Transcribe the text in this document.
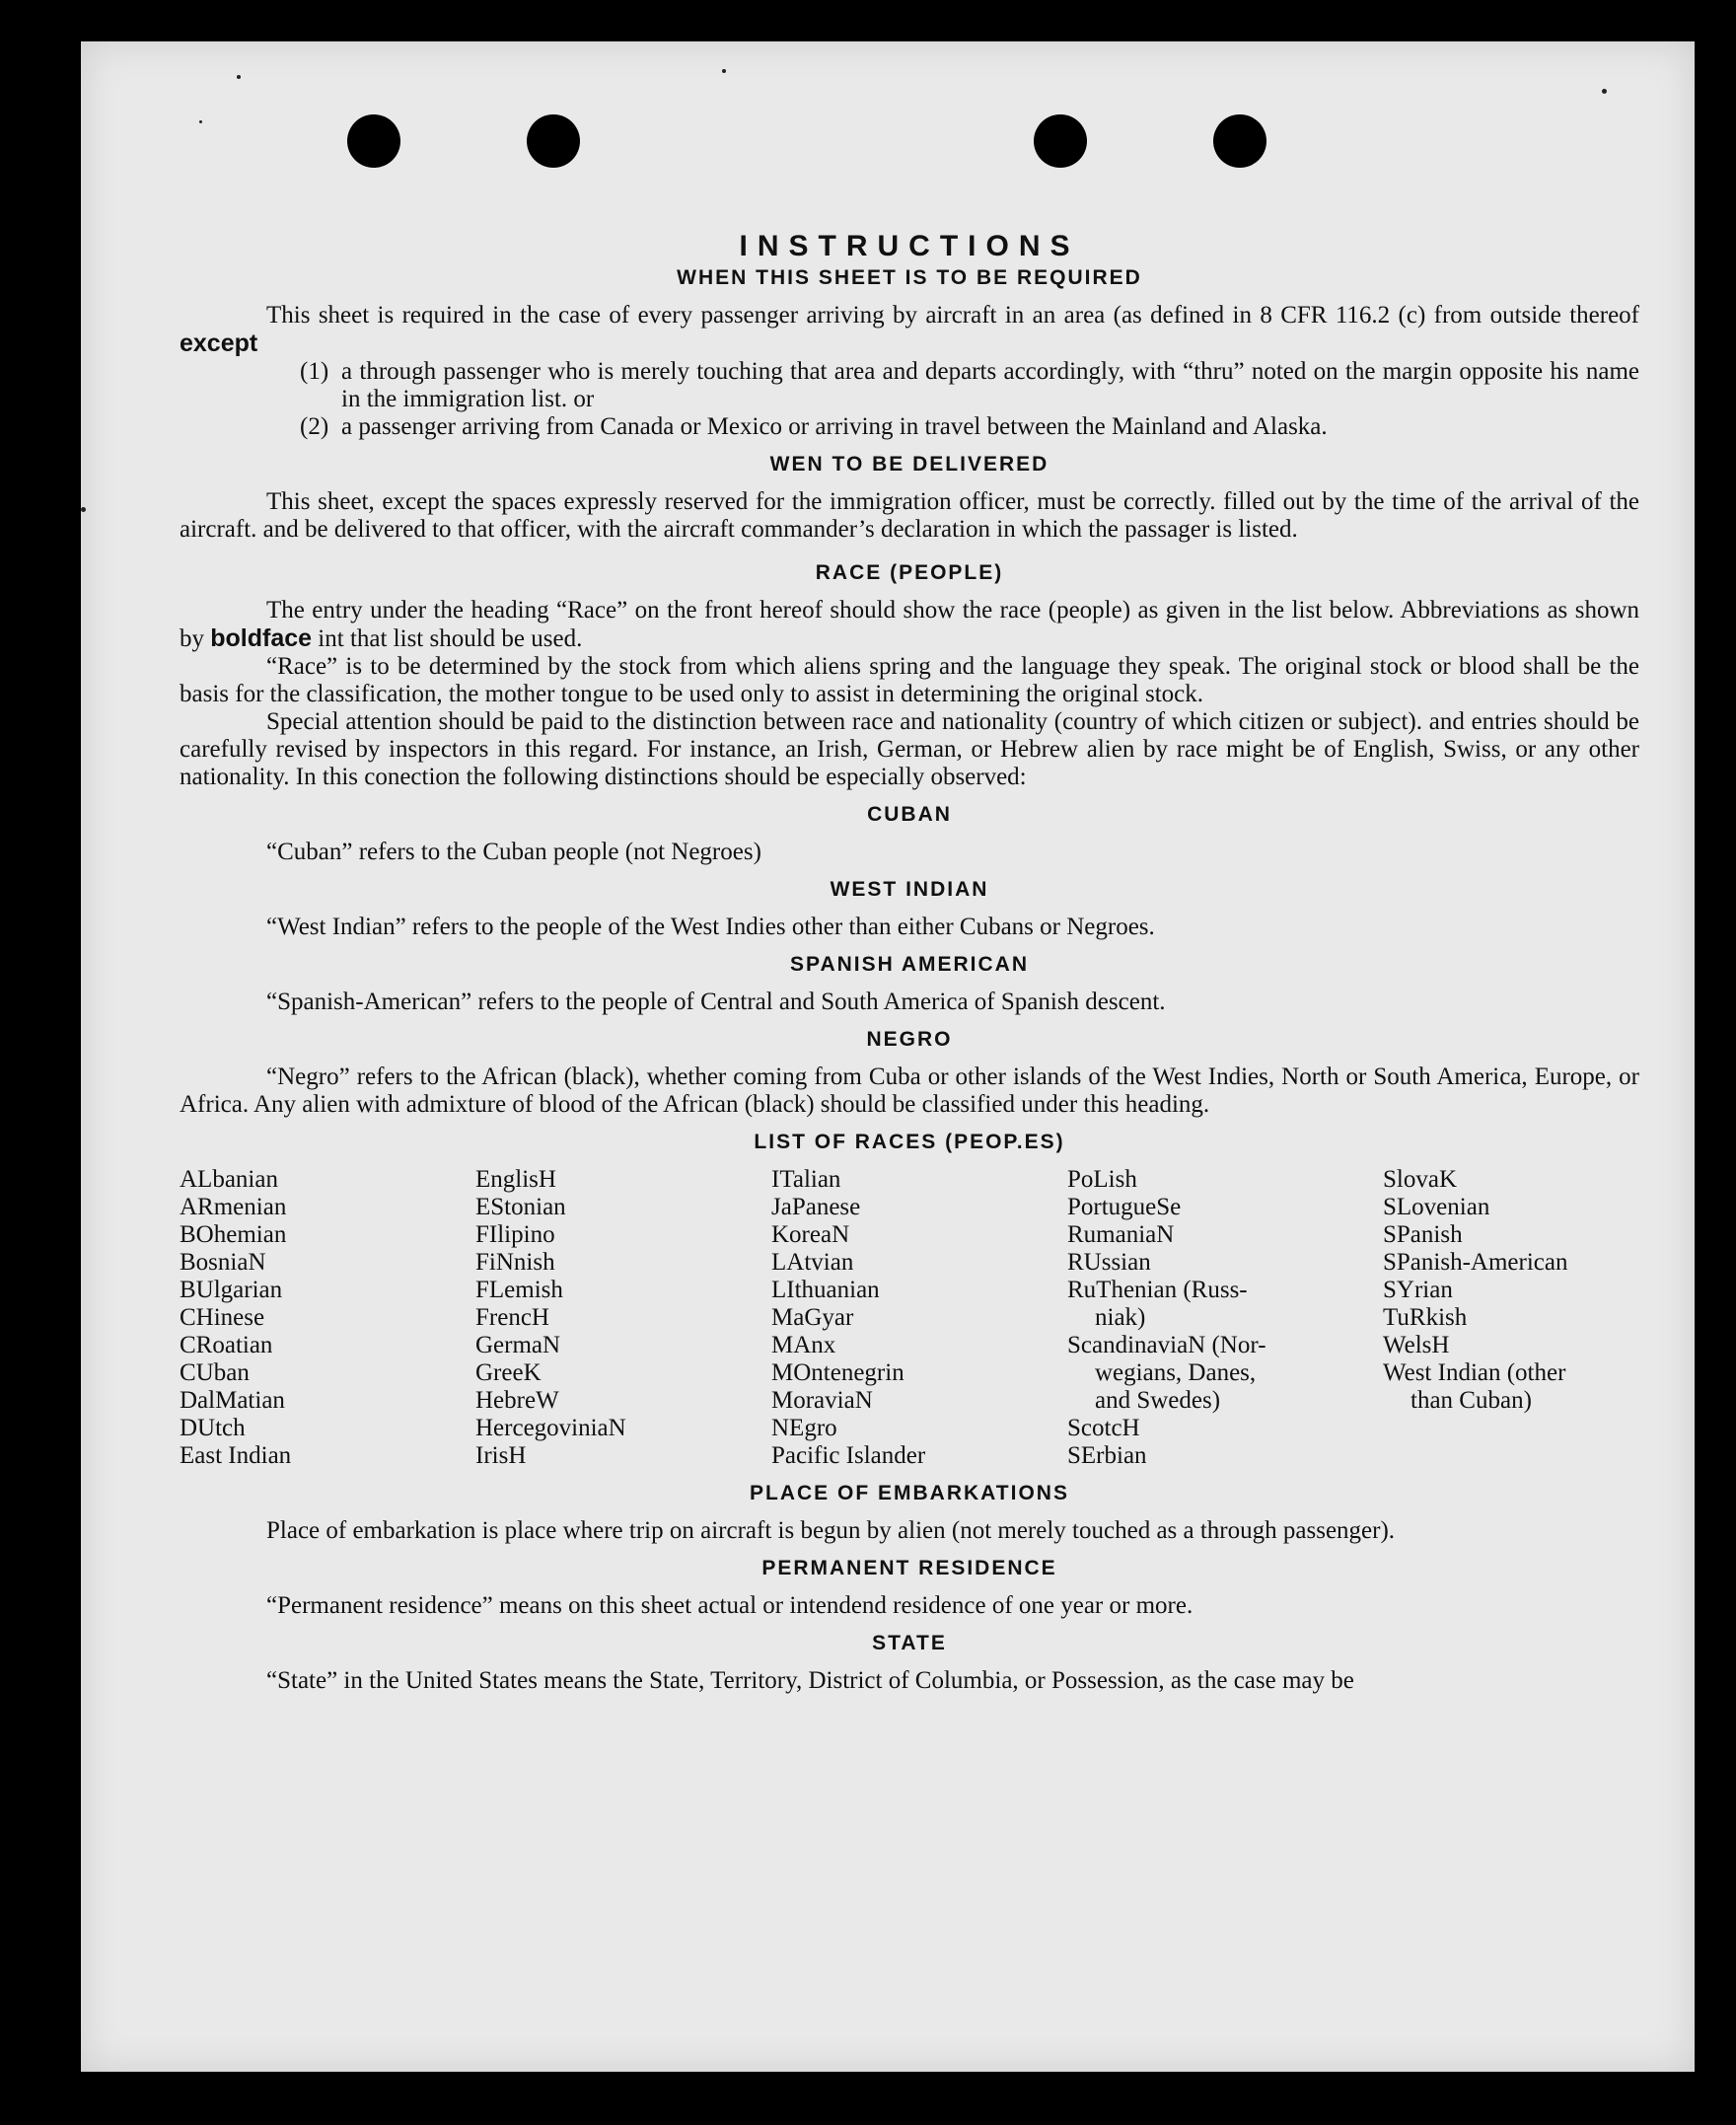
INSTRUCTIONS
WHEN THIS SHEET IS TO BE REQUIRED

This sheet is required in the case of every passenger arriving by aircraft in an area (as defined in 8 CFR 116.2 (c) from outside thereof except

(1) a through passenger who is merely touching that area and departs accordingly, with “thru” noted on the margin opposite his name in the immigration list. or
(2) a passenger arriving from Canada or Mexico or arriving in travel between the Mainland and Alaska.
WEN TO BE DELIVERED

This sheet, except the spaces expressly reserved for the immigration officer, must be correctly. filled out by the time of the arrival of the aircraft. and be delivered to that officer, with the aircraft commander’s declaration in which the passager is listed.

RACE (PEOPLE)

The entry under the heading “Race” on the front hereof should show the race (people) as given in the list below. Abbreviations as shown by boldface int that list should be used.

“Race” is to be determined by the stock from which aliens spring and the language they speak. The original stock or blood shall be the basis for the classification, the mother tongue to be used only to assist in determining the original stock.

Special attention should be paid to the distinction between race and nationality (country of which citizen or subject). and entries should be carefully revised by inspectors in this regard. For instance, an Irish, German, or Hebrew alien by race might be of English, Swiss, or any other nationality. In this conection the following distinctions should be especially observed:

CUBAN

“Cuban” refers to the Cuban people (not Negroes)

WEST INDIAN

“West Indian” refers to the people of the West Indies other than either Cubans or Negroes.

SPANISH AMERICAN

“Spanish-American” refers to the people of Central and South America of Spanish descent.

NEGRO

“Negro” refers to the African (black), whether coming from Cuba or other islands of the West Indies, North or South America, Europe, or Africa. Any alien with admixture of blood of the African (black) should be classified under this heading.

LIST OF RACES (PEOP.ES)
ALbanian
ARmenian
BOhemian
BosniaN
BUlgarian
CHinese
CRoatian
CUban
DalMatian
DUtch
East Indian
EnglisH
EStonian
FIlipino
FiNnish
FLemish
FrencH
GermaN
GreeK
HebreW
HercegoviniaN
IrisH
ITalian
JaPanese
KoreaN
LAtvian
LIthuanian
MaGyar
MAnx
MOntenegrin
MoraviaN
NEgro
Pacific Islander
PoLish
PortugueSe
RumaniaN
RUssian
RuThenian (Russ-
niak)
ScandinaviaN (Nor-
wegians, Danes,
and Swedes)
ScotcH
SErbian
SlovaK
SLovenian
SPanish
SPanish-American
SYrian
TuRkish
WelsH
West Indian (other
than Cuban)
PLACE OF EMBARKATIONS

Place of embarkation is place where trip on aircraft is begun by alien (not merely touched as a through passenger).

PERMANENT RESIDENCE

“Permanent residence” means on this sheet actual or intendend residence of one year or more.

STATE

“State” in the United States means the State, Territory, District of Columbia, or Possession, as the case may be
